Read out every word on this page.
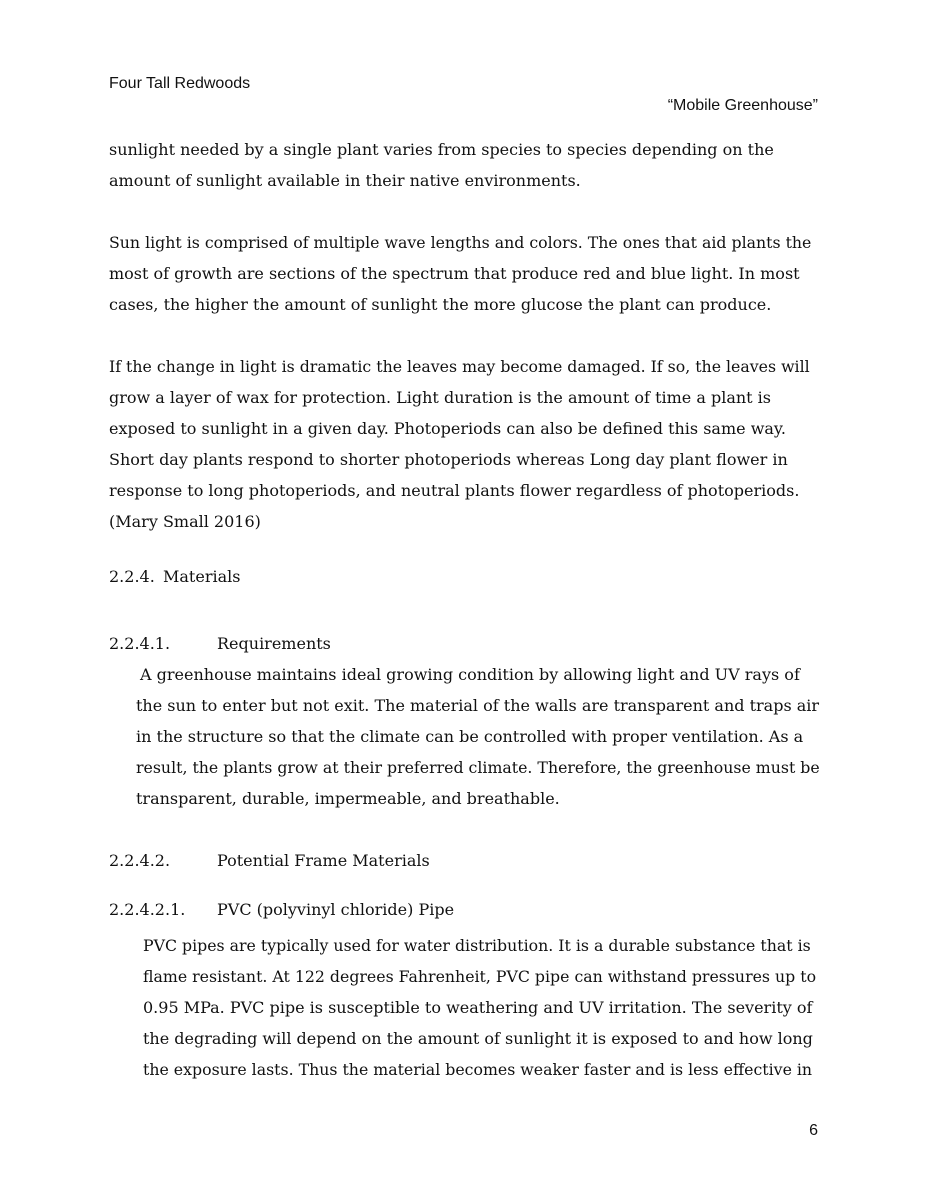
Four Tall Redwoods
“Mobile Greenhouse”
sunlight needed by a single plant varies from species to species depending on the
amount of sunlight available in their native environments.
Sun light is comprised of multiple wave lengths and colors. The ones that aid plants the
most of growth are sections of the spectrum that produce red and blue light. In most
cases, the higher the amount of sunlight the more glucose the plant can produce.
If the change in light is dramatic the leaves may become damaged. If so, the leaves will
grow a layer of wax for protection. Light duration is the amount of time a plant is
exposed to sunlight in a given day. Photoperiods can also be defined this same way.
Short day plants respond to shorter photoperiods whereas Long day plant flower in
response to long photoperiods, and neutral plants flower regardless of photoperiods.
(Mary Small 2016)
2.2.4. Materials
2.2.4.1.	Requirements
A greenhouse maintains ideal growing condition by allowing light and UV rays of
the sun to enter but not exit. The material of the walls are transparent and traps air
in the structure so that the climate can be controlled with proper ventilation. As a
result, the plants grow at their preferred climate. Therefore, the greenhouse must be
transparent, durable, impermeable, and breathable.
2.2.4.2.	Potential Frame Materials
2.2.4.2.1. PVC (polyvinyl chloride) Pipe
PVC pipes are typically used for water distribution. It is a durable substance that is
flame resistant. At 122 degrees Fahrenheit, PVC pipe can withstand pressures up to
0.95 MPa. PVC pipe is susceptible to weathering and UV irritation. The severity of
the degrading will depend on the amount of sunlight it is exposed to and how long
the exposure lasts. Thus the material becomes weaker faster and is less effective in
6
